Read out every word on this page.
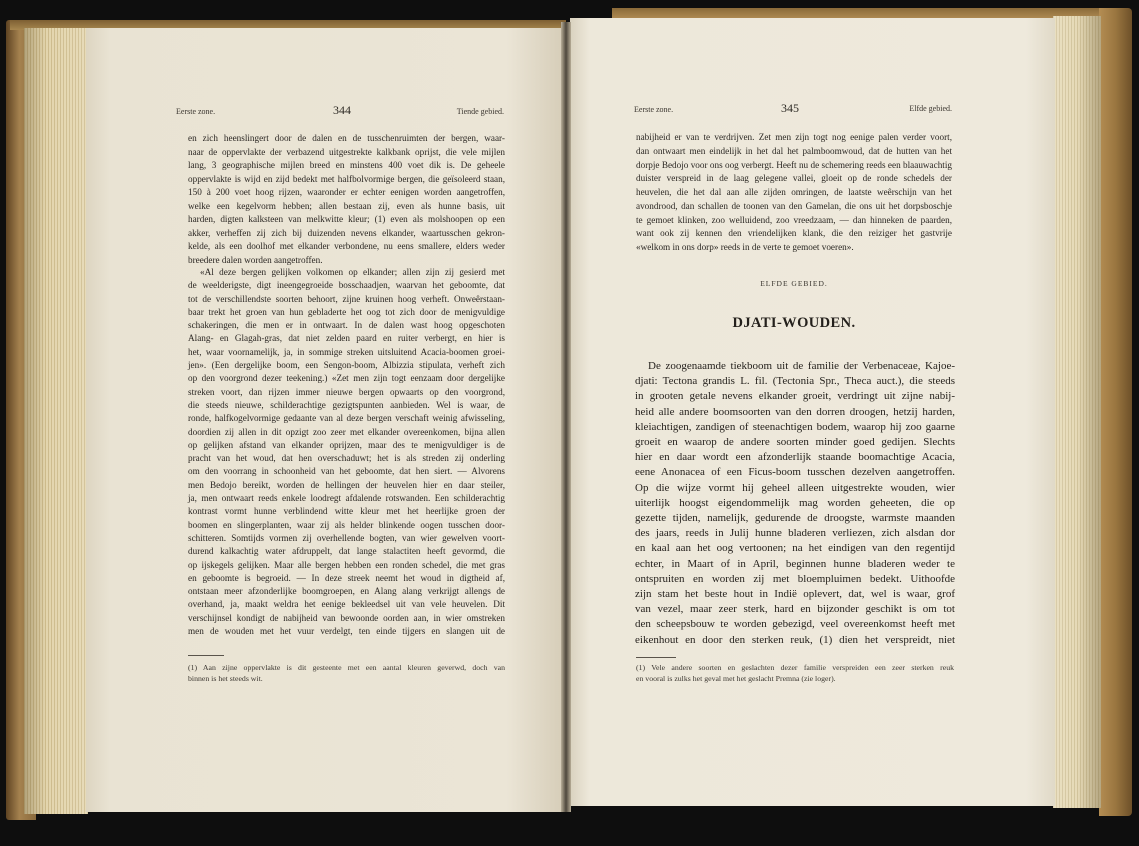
Eerste zone.	344	Tiende gebied.
en zich heenslingert door de dalen en de tusschenruimten der bergen, waar-
naar de oppervlakte der verbazend uitgestrekte kalkbank oprijst, die vele mijlen
lang, 3 geographische mijlen breed en minstens 400 voet dik is. De geheele
oppervlakte is wijd en zijd bedekt met halfbolvormige bergen, die geïsoleerd staan,
150 à 200 voet hoog rijzen, waaronder er echter eenigen worden aangetroffen,
welke een kegelvorm hebben; allen bestaan zij, even als hunne basis, uit
harden, digten kalksteen van melkwitte kleur; (1) even als molshoopen op een
akker, verheffen zij zich bij duizenden nevens elkander, waartusschen gekron-
kelde, als een doolhof met elkander verbondene, nu eens smallere, elders weder
breedere dalen worden aangetroffen.
«Al deze bergen gelijken volkomen op elkander; allen zijn zij gesierd met
de weelderigste, digt ineengegroeide bosschaadjen, waarvan het geboomte, dat
tot de verschillendste soorten behoort, zijne kruinen hoog verheft. Onweêrstaan-
baar trekt het groen van hun gebladerte het oog tot zich door de menigvuldige
schakeringen, die men er in ontwaart. In de dalen wast hoog opgeschoten
Alang- en Glagah-gras, dat niet zelden paard en ruiter verbergt, en hier is
het, waar voornamelijk, ja, in sommige streken uitsluitend Acacia-boomen groei-
jen». (Een dergelijke boom, een Sengon-boom, Albizzia stipulata, verheft zich
op den voorgrond dezer teekening.) «Zet men zijn togt eenzaam door dergelijke
streken voort, dan rijzen immer nieuwe bergen opwaarts op den voorgrond,
die steeds nieuwe, schilderachtige gezigtspunten aanbieden. Wel is waar, de
ronde, halfkogelvormige gedaante van al deze bergen verschaft weinig afwisseling,
doordien zij allen in dit opzigt zoo zeer met elkander overeenkomen, bijna allen
op gelijken afstand van elkander oprijzen, maar des te menigvuldiger is de
pracht van het woud, dat hen overschaduwt; het is als streden zij onderling
om den voorrang in schoonheid van het geboomte, dat hen siert. — Alvorens
men Bedojo bereikt, worden de hellingen der heuvelen hier en daar steiler,
ja, men ontwaart reeds enkele loodregt afdalende rotswanden. Een schilderachtig
kontrast vormt hunne verblindend witte kleur met het heerlijke groen der
boomen en slingerplanten, waar zij als helder blinkende oogen tusschen door-
schitteren. Somtijds vormen zij overhellende bogten, van wier gewelven voort-
durend kalkachtig water afdruppelt, dat lange stalactiten heeft gevormd, die
op ijskegels gelijken. Maar alle bergen hebben een ronden schedel, die met gras
en geboomte is begroeid. — In deze streek neemt het woud in digtheid af,
ontstaan meer afzonderlijke boomgroepen, en Alang alang verkrijgt allengs de
overhand, ja, maakt weldra het eenige bekleedsel uit van vele heuvelen. Dit
verschijnsel kondigt de nabijheid van bewoonde oorden aan, in wier omstreken
men de wouden met het vuur verdelgt, ten einde tijgers en slangen uit de
(1) Aan zijne oppervlakte is dit gesteente met een aantal kleuren geverwd, doch van
binnen is het steeds wit.
Eerste zone.	345	Elfde gebied.
nabijheid er van te verdrijven. Zet men zijn togt nog eenige palen verder voort,
dan ontwaart men eindelijk in het dal het palmboomwoud, dat de hutten van het
dorpje Bedojo voor ons oog verbergt. Heeft nu de schemering reeds een blaauwachtig
duister verspreid in de laag gelegene vallei, gloeit op de ronde schedels der
heuvelen, die het dal aan alle zijden omringen, de laatste weêrschijn van het
avondrood, dan schallen de toonen van den Gamelan, die ons uit het dorpsboschje
te gemoet klinken, zoo welluidend, zoo vreedzaam, — dan hinneken de paarden,
want ook zij kennen den vriendelijken klank, die den reiziger het gastvrije
«welkom in ons dorp» reeds in de verte te gemoet voeren».
ELFDE GEBIED.
DJATI-WOUDEN.
De zoogenaamde tiekboom uit de familie der Verbenaceae, Kajoe-
djati: Tectona grandis L. fil. (Tectonia Spr., Theca auct.), die steeds
in grooten getale nevens elkander groeit, verdringt uit zijne nabij-
heid alle andere boomsoorten van den dorren droogen, hetzij harden,
kleiachtigen, zandigen of steenachtigen bodem, waarop hij zoo gaarne
groeit en waarop de andere soorten minder goed gedijen. Slechts
hier en daar wordt een afzonderlijk staande boomachtige Acacia,
eene Anonacea of een Ficus-boom tusschen dezelven aangetroffen.
Op die wijze vormt hij geheel alleen uitgestrekte wouden, wier
uiterlijk hoogst eigendommelijk mag worden geheeten, die op
gezette tijden, namelijk, gedurende de droogste, warmste maanden
des jaars, reeds in Julij hunne bladeren verliezen, zich alsdan dor
en kaal aan het oog vertoonen; na het eindigen van den regentijd
echter, in Maart of in April, beginnen hunne bladeren weder te
ontspruiten en worden zij met bloempluimen bedekt. Uithoofde
zijn stam het beste hout in Indië oplevert, dat, wel is waar, grof
van vezel, maar zeer sterk, hard en bijzonder geschikt is om tot
den scheepsbouw te worden gebezigd, veel overeenkomst heeft met
eikenhout en door den sterken reuk, (1) dien het verspreidt, niet
(1) Vele andere soorten en geslachten dezer familie verspreiden een zeer sterken reuk
en vooral is zulks het geval met het geslacht Premna (zie loger).
